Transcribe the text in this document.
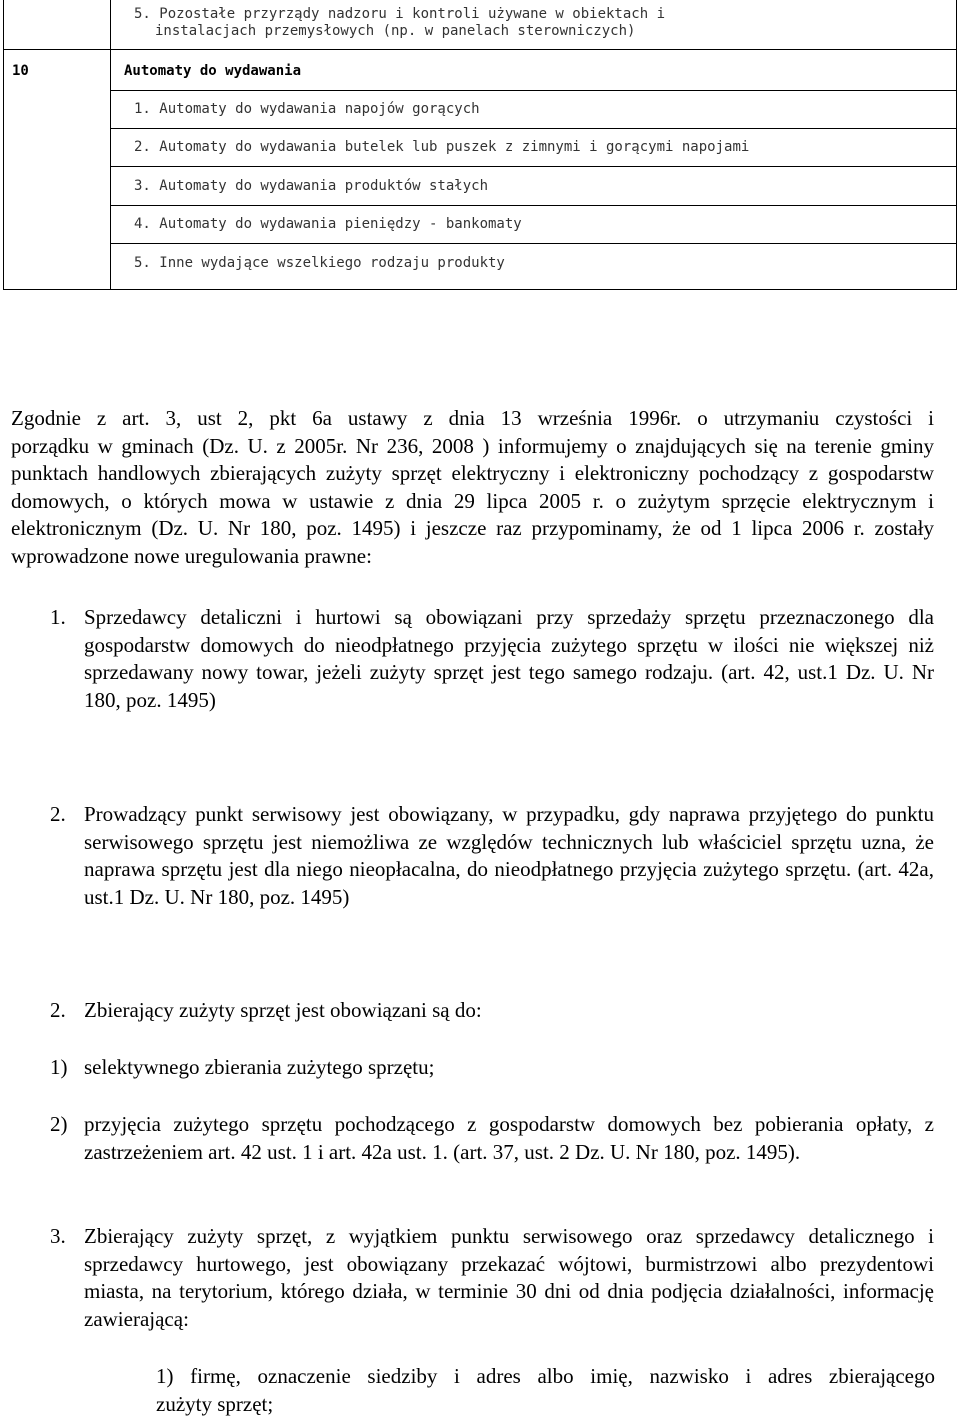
5. Pozostałe przyrządy nadzoru i kontroli używane w obiektach i
instalacjach przemysłowych (np. w panelach sterowniczych)
10	Automaty do wydawania
1. Automaty do wydawania napojów gorących
2. Automaty do wydawania butelek lub puszek z zimnymi i gorącymi napojami
3. Automaty do wydawania produktów stałych
4. Automaty do wydawania pieniędzy - bankomaty
5. Inne wydające wszelkiego rodzaju produkty
Zgodnie z art. 3, ust 2, pkt 6a ustawy z dnia 13 września 1996r. o utrzymaniu czystości i
porządku w gminach (Dz. U. z 2005r. Nr 236, 2008 ) informujemy o znajdujących się na terenie gminy punktach handlowych zbierających zużyty sprzęt elektryczny i elektroniczny pochodzący z gospodarstw domowych, o których mowa w ustawie z dnia 29 lipca 2005 r. o zużytym sprzęcie elektrycznym i elektronicznym (Dz. U. Nr 180, poz. 1495) i jeszcze raz przypominamy, że od 1 lipca 2006 r. zostały wprowadzone nowe uregulowania prawne:
1. Sprzedawcy detaliczni i hurtowi są obowiązani przy sprzedaży sprzętu przeznaczonego dla gospodarstw domowych do nieodpłatnego przyjęcia zużytego sprzętu w ilości nie większej niż sprzedawany nowy towar, jeżeli zużyty sprzęt jest tego samego rodzaju. (art. 42, ust.1 Dz. U. Nr 180, poz. 1495)
2. Prowadzący punkt serwisowy jest obowiązany, w przypadku, gdy naprawa przyjętego do punktu serwisowego sprzętu jest niemożliwa ze względów technicznych lub właściciel sprzętu uzna, że naprawa sprzętu jest dla niego nieopłacalna, do nieodpłatnego przyjęcia zużytego sprzętu. (art. 42a, ust.1 Dz. U. Nr 180, poz. 1495)
2. Zbierający zużyty sprzęt jest obowiązani są do:
1) selektywnego zbierania zużytego sprzętu;
2) przyjęcia zużytego sprzętu pochodzącego z gospodarstw domowych bez pobierania opłaty, z zastrzeżeniem art. 42 ust. 1 i art. 42a ust. 1. (art. 37, ust. 2 Dz. U. Nr 180, poz. 1495).
3. Zbierający zużyty sprzęt, z wyjątkiem punktu serwisowego oraz sprzedawcy detalicznego i sprzedawcy hurtowego, jest obowiązany przekazać wójtowi, burmistrzowi albo prezydentowi miasta, na terytorium, którego działa, w terminie 30 dni od dnia podjęcia działalności, informację zawierającą:
1) firmę, oznaczenie siedziby i adres albo imię, nazwisko i adres zbierającego
zużyty sprzęt;
